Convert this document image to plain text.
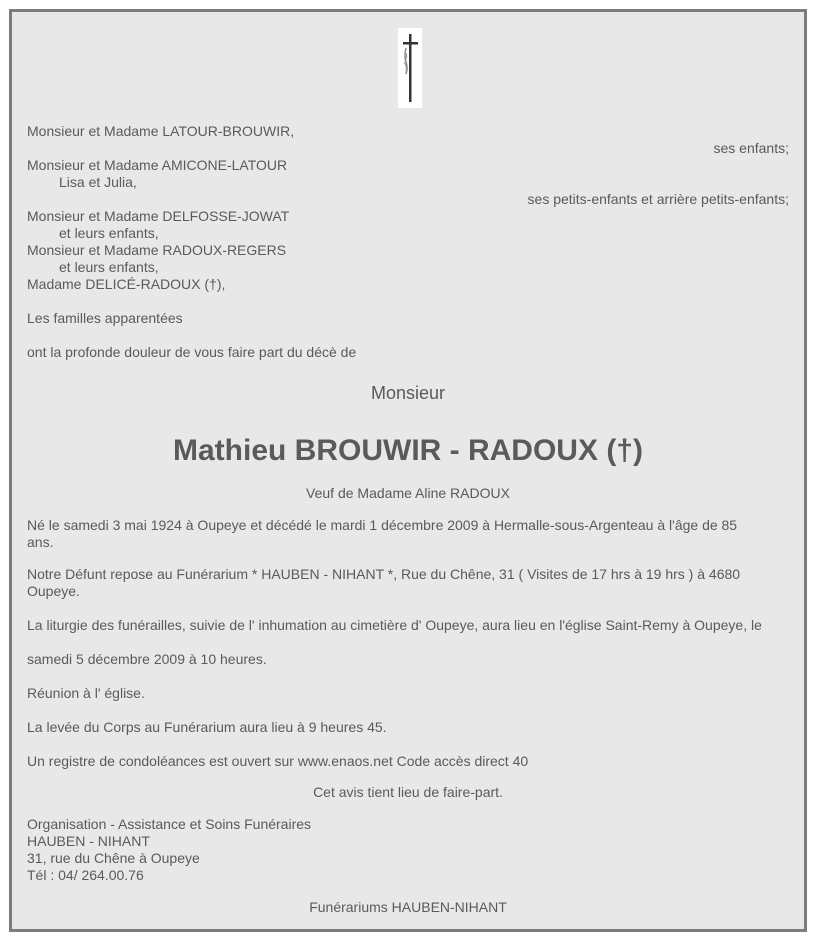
Monsieur et Madame LATOUR-BROUWIR,
ses enfants;
Monsieur et Madame AMICONE-LATOUR
Lisa et Julia,
ses petits-enfants et arrière petits-enfants;
Monsieur et Madame DELFOSSE-JOWAT
et leurs enfants,
Monsieur et Madame RADOUX-REGERS
et leurs enfants,
Madame DELICÉ-RADOUX (†),
Les familles apparentées
ont la profonde douleur de vous faire part du décè de
Monsieur
Mathieu BROUWIR - RADOUX (†)
Veuf de Madame Aline RADOUX
Né le samedi 3 mai 1924 à Oupeye et décédé le mardi 1 décembre 2009 à Hermalle-sous-Argenteau à l'âge de 85
ans.
Notre Défunt repose au Funérarium * HAUBEN - NIHANT *, Rue du Chêne, 31 ( Visites de 17 hrs à 19 hrs ) à 4680
Oupeye.
La liturgie des funérailles, suivie de l' inhumation au cimetière d' Oupeye, aura lieu en l'église Saint-Remy à Oupeye, le
samedi 5 décembre 2009 à 10 heures.
Réunion à l' église.
La levée du Corps au Funérarium aura lieu à 9 heures 45.
Un registre de condoléances est ouvert sur www.enaos.net Code accès direct 40
Cet avis tient lieu de faire-part.
Organisation - Assistance et Soins Funéraires
HAUBEN - NIHANT
31, rue du Chêne à Oupeye
Tél : 04/ 264.00.76
Funérariums HAUBEN-NIHANT
